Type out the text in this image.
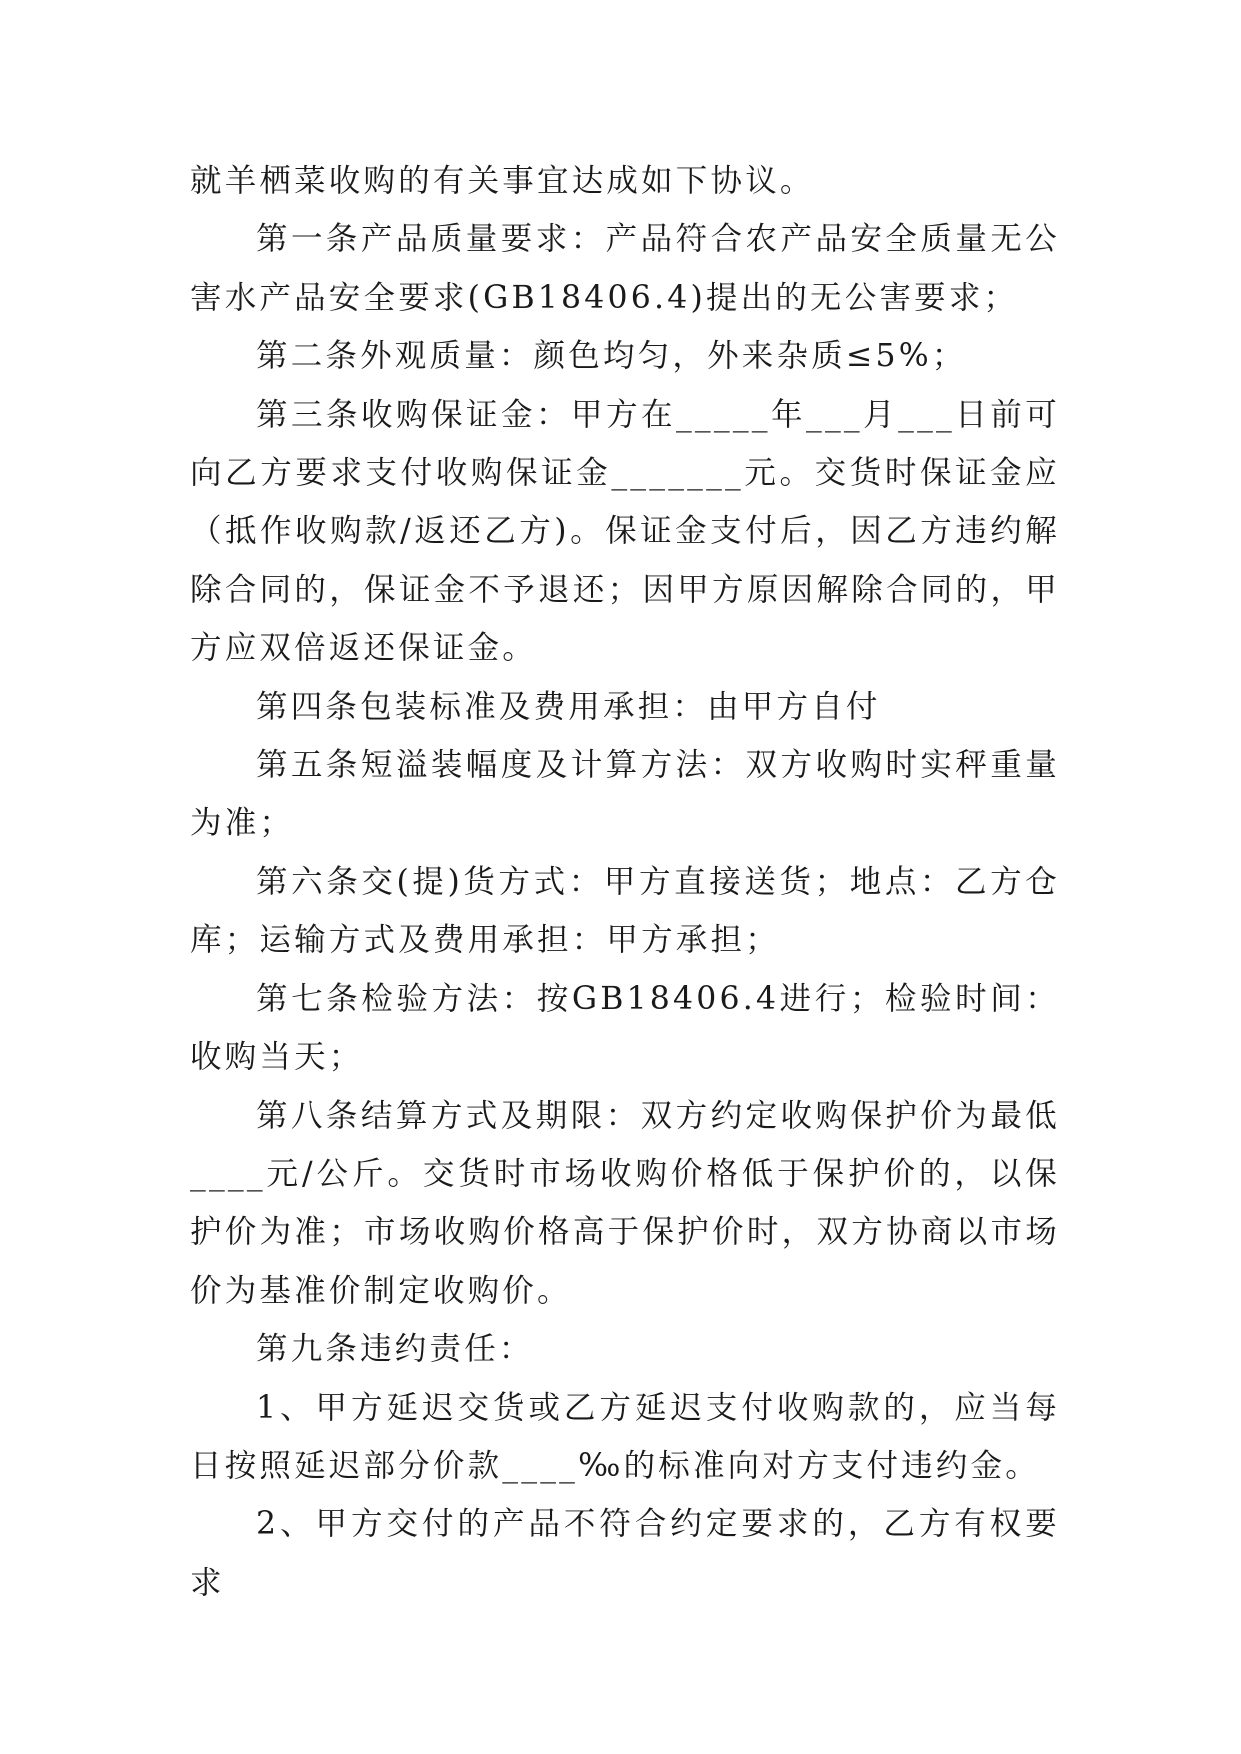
就羊栖菜收购的有关事宜达成如下协议。

第一条产品质量要求：产品符合农产品安全质量无公害水产品安全要求(GB18406.4)提出的无公害要求；

第二条外观质量：颜色均匀，外来杂质≤5%；

第三条收购保证金：甲方在_____年___月___日前可向乙方要求支付收购保证金_______元。交货时保证金应（抵作收购款/返还乙方)。保证金支付后，因乙方违约解除合同的，保证金不予退还；因甲方原因解除合同的，甲方应双倍返还保证金。

第四条包装标准及费用承担：由甲方自付

第五条短溢装幅度及计算方法：双方收购时实秤重量为准；

第六条交(提)货方式：甲方直接送货；地点：乙方仓库；运输方式及费用承担：甲方承担；

第七条检验方法：按GB18406.4进行；检验时间：收购当天；

第八条结算方式及期限：双方约定收购保护价为最低____元/公斤。交货时市场收购价格低于保护价的，以保护价为准；市场收购价格高于保护价时，双方协商以市场价为基准价制定收购价。

第九条违约责任：

1、甲方延迟交货或乙方延迟支付收购款的，应当每日按照延迟部分价款____‰的标准向对方支付违约金。

2、甲方交付的产品不符合约定要求的，乙方有权要求
